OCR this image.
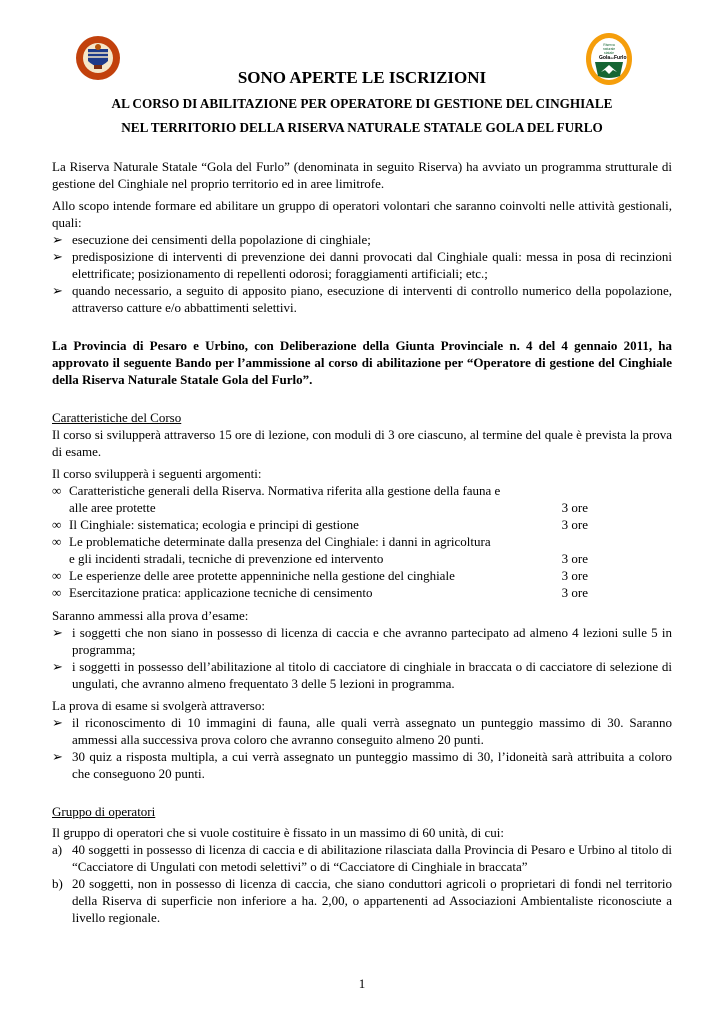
Riserva
naturale
statale
Gola del Furlo
SONO APERTE LE ISCRIZIONI
AL CORSO DI ABILITAZIONE PER OPERATORE DI GESTIONE DEL CINGHIALE
NEL TERRITORIO DELLA RISERVA NATURALE STATALE GOLA DEL FURLO

La Riserva Naturale Statale “Gola del Furlo” (denominata in seguito Riserva) ha avviato un programma strutturale di gestione del Cinghiale nel proprio territorio ed in aree limitrofe.

Allo scopo intende formare ed abilitare un gruppo di operatori volontari che saranno coinvolti nelle attività gestionali, quali:

➢ esecuzione dei censimenti della popolazione di cinghiale;
➢ predisposizione di interventi di prevenzione dei danni provocati dal Cinghiale quali: messa in posa di recinzioni elettrificate; posizionamento di repellenti odorosi; foraggiamenti artificiali; etc.;
➢ quando necessario, a seguito di apposito piano, esecuzione di interventi di controllo numerico della popolazione, attraverso catture e/o abbattimenti selettivi.

La Provincia di Pesaro e Urbino, con Deliberazione della Giunta Provinciale n. 4 del 4 gennaio 2011, ha approvato il seguente Bando per l’ammissione al corso di abilitazione per “Operatore di gestione del Cinghiale della Riserva Naturale Statale Gola del Furlo”.

Caratteristiche del Corso

Il corso si svilupperà attraverso 15 ore di lezione, con moduli di 3 ore ciascuno, al termine del quale è prevista la prova di esame.

Il corso svilupperà i seguenti argomenti:

∞ Caratteristiche generali della Riserva. Normativa riferita alla gestione della fauna e
alle aree protette	3 ore
∞ Il Cinghiale: sistematica; ecologia e principi di gestione	3 ore
∞ Le problematiche determinate dalla presenza del Cinghiale: i danni in agricoltura
e gli incidenti stradali, tecniche di prevenzione ed intervento	3 ore
∞ Le esperienze delle aree protette appenniniche nella gestione del cinghiale	3 ore
∞ Esercitazione pratica: applicazione tecniche di censimento	3 ore

Saranno ammessi alla prova d’esame:

➢ i soggetti che non siano in possesso di licenza di caccia e che avranno partecipato ad almeno 4 lezioni sulle 5 in programma;
➢ i soggetti in possesso dell’abilitazione al titolo di cacciatore di cinghiale in braccata o di cacciatore di selezione di ungulati, che avranno almeno frequentato 3 delle 5 lezioni in programma.

La prova di esame si svolgerà attraverso:

➢ il riconoscimento di 10 immagini di fauna, alle quali verrà assegnato un punteggio massimo di 30. Saranno ammessi alla successiva prova coloro che avranno conseguito almeno 20 punti.
➢ 30 quiz a risposta multipla, a cui verrà assegnato un punteggio massimo di 30, l’idoneità sarà attribuita a coloro che conseguono 20 punti.

Gruppo di operatori

Il gruppo di operatori che si vuole costituire è fissato in un massimo di 60 unità, di cui:

a) 40 soggetti in possesso di licenza di caccia e di abilitazione rilasciata dalla Provincia di Pesaro e Urbino al titolo di “Cacciatore di Ungulati con metodi selettivi” o di “Cacciatore di Cinghiale in braccata”
b) 20 soggetti, non in possesso di licenza di caccia, che siano conduttori agricoli o proprietari di fondi nel territorio della Riserva di superficie non inferiore a ha. 2,00, o appartenenti ad Associazioni Ambientaliste riconosciute a livello regionale.
1
